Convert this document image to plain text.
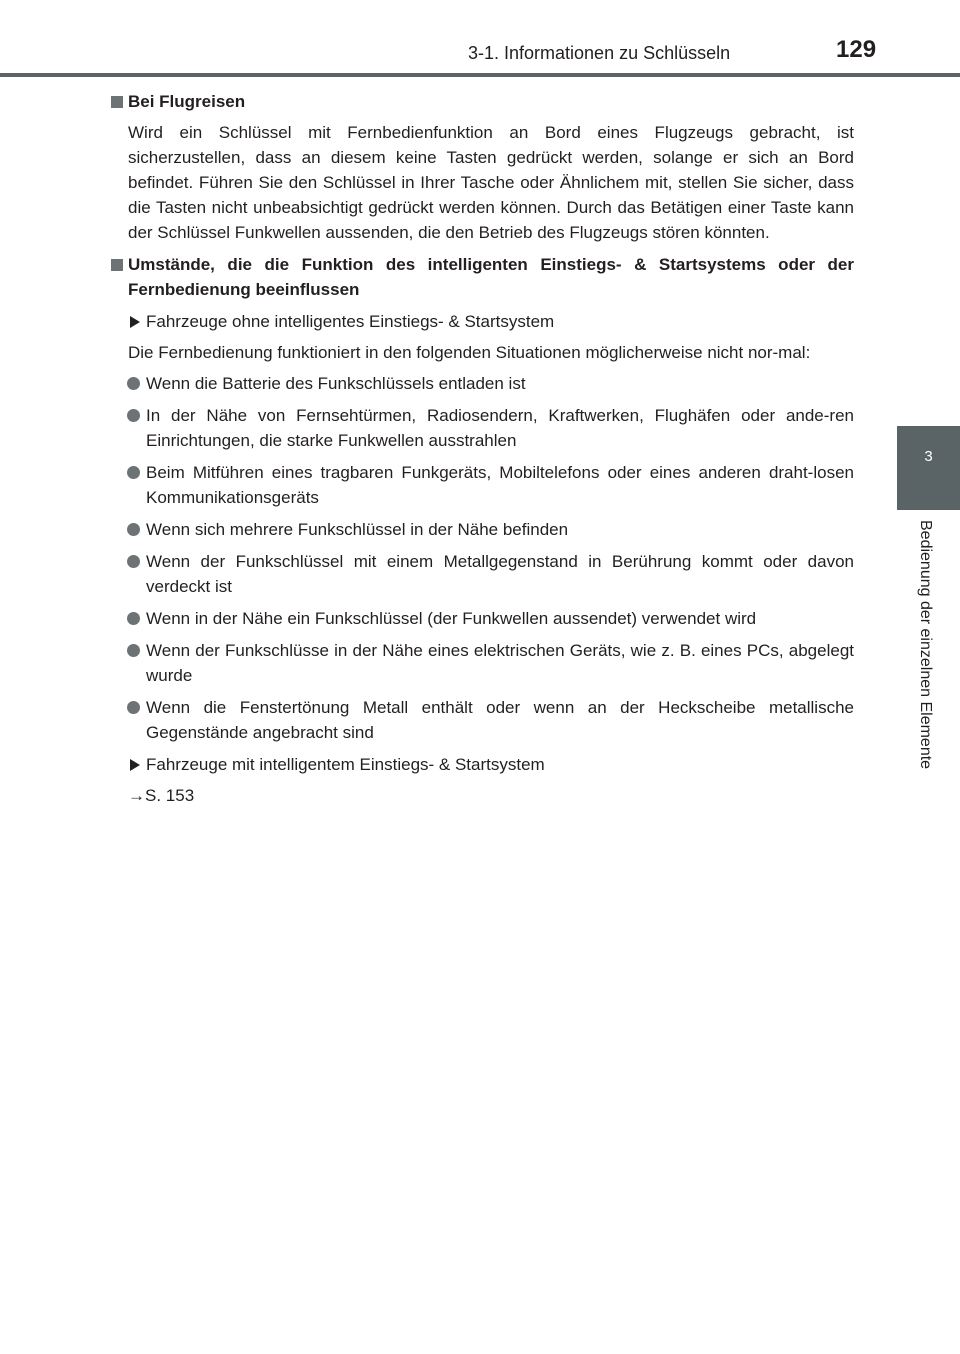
3-1. Informationen zu Schlüsseln	129
3
Bedienung der einzelnen Elemente
Bei Flugreisen
Wird ein Schlüssel mit Fernbedienfunktion an Bord eines Flugzeugs gebracht, ist sicherzustellen, dass an diesem keine Tasten gedrückt werden, solange er sich an Bord befindet. Führen Sie den Schlüssel in Ihrer Tasche oder Ähnlichem mit, stellen Sie sicher, dass die Tasten nicht unbeabsichtigt gedrückt werden können. Durch das Betätigen einer Taste kann der Schlüssel Funkwellen aussenden, die den Betrieb des Flugzeugs stören könnten.
Umstände, die die Funktion des intelligenten Einstiegs- & Startsystems oder der Fernbedienung beeinflussen
Fahrzeuge ohne intelligentes Einstiegs- & Startsystem
Die Fernbedienung funktioniert in den folgenden Situationen möglicherweise nicht nor-mal:
Wenn die Batterie des Funkschlüssels entladen ist
In der Nähe von Fernsehtürmen, Radiosendern, Kraftwerken, Flughäfen oder ande-ren Einrichtungen, die starke Funkwellen ausstrahlen
Beim Mitführen eines tragbaren Funkgeräts, Mobiltelefons oder eines anderen draht-losen Kommunikationsgeräts
Wenn sich mehrere Funkschlüssel in der Nähe befinden
Wenn der Funkschlüssel mit einem Metallgegenstand in Berührung kommt oder davon verdeckt ist
Wenn in der Nähe ein Funkschlüssel (der Funkwellen aussendet) verwendet wird
Wenn der Funkschlüsse in der Nähe eines elektrischen Geräts, wie z. B. eines PCs, abgelegt wurde
Wenn die Fenstertönung Metall enthält oder wenn an der Heckscheibe metallische Gegenstände angebracht sind
Fahrzeuge mit intelligentem Einstiegs- & Startsystem
→S. 153
